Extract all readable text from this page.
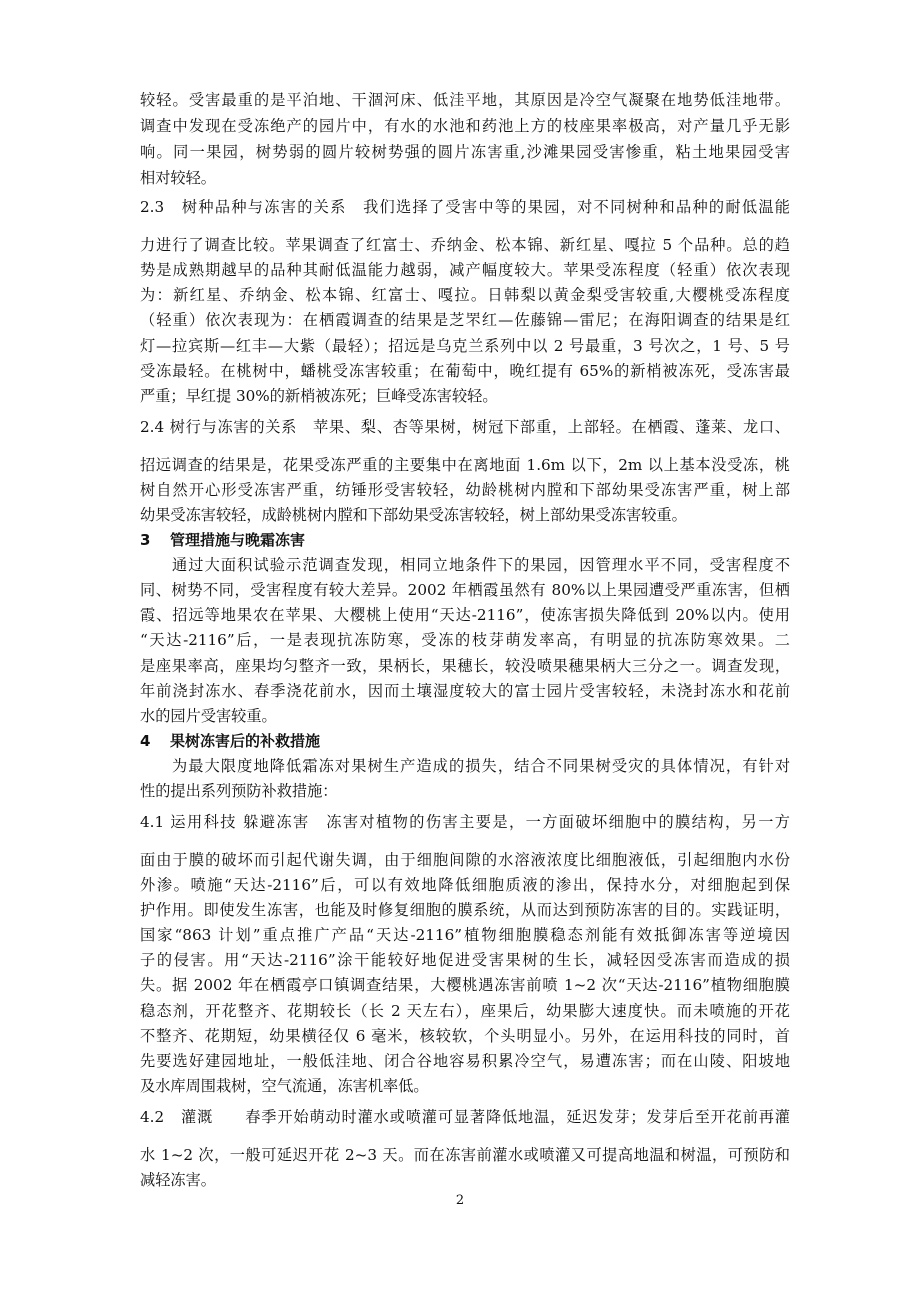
较轻。受害最重的是平泊地、干涸河床、低洼平地，其原因是冷空气凝聚在地势低洼地带。
调查中发现在受冻绝产的园片中，有水的水池和药池上方的枝座果率极高，对产量几乎无影
响。同一果园，树势弱的圆片较树势强的圆片冻害重,沙滩果园受害惨重，粘土地果园受害
相对较轻。
2.3　树种品种与冻害的关系　我们选择了受害中等的果园，对不同树种和品种的耐低温能
力进行了调查比较。苹果调查了红富士、乔纳金、松本锦、新红星、嘎拉 5 个品种。总的趋
势是成熟期越早的品种其耐低温能力越弱，减产幅度较大。苹果受冻程度（轻重）依次表现
为：新红星、乔纳金、松本锦、红富士、嘎拉。日韩梨以黄金梨受害较重,大樱桃受冻程度
（轻重）依次表现为：在栖霞调查的结果是芝罘红—佐藤锦—雷尼；在海阳调查的结果是红
灯—拉宾斯—红丰—大紫（最轻）；招远是乌克兰系列中以 2 号最重，3 号次之，1 号、5 号
受冻最轻。在桃树中，蟠桃受冻害较重；在葡萄中，晚红提有 65%的新梢被冻死，受冻害最
严重；早红提 30%的新梢被冻死；巨峰受冻害较轻。
2.4 树行与冻害的关系　苹果、梨、杏等果树，树冠下部重，上部轻。在栖霞、蓬莱、龙口、
招远调查的结果是，花果受冻严重的主要集中在离地面 1.6m 以下，2m 以上基本没受冻，桃
树自然开心形受冻害严重，纺锤形受害较轻，幼龄桃树内膛和下部幼果受冻害严重，树上部
幼果受冻害较轻，成龄桃树内膛和下部幼果受冻害较轻，树上部幼果受冻害较重。
通过大面积试验示范调查发现，相同立地条件下的果园，因管理水平不同，受害程度不
同、树势不同，受害程度有较大差异。2002 年栖霞虽然有 80%以上果园遭受严重冻害，但栖
霞、招远等地果农在苹果、大樱桃上使用“天达-2116”，使冻害损失降低到 20%以内。使用
“天达-2116”后，一是表现抗冻防寒，受冻的枝芽萌发率高，有明显的抗冻防寒效果。二
是座果率高，座果均匀整齐一致，果柄长，果穗长，较没喷果穗果柄大三分之一。调查发现，
年前浇封冻水、春季浇花前水，因而土壤湿度较大的富士园片受害较轻，未浇封冻水和花前
水的园片受害较重。
为最大限度地降低霜冻对果树生产造成的损失，结合不同果树受灾的具体情况，有针对
性的提出系列预防补救措施：
4.1 运用科技 躲避冻害　冻害对植物的伤害主要是，一方面破坏细胞中的膜结构，另一方
面由于膜的破坏而引起代谢失调，由于细胞间隙的水溶液浓度比细胞液低，引起细胞内水份
外渗。喷施“天达-2116”后，可以有效地降低细胞质液的渗出，保持水分，对细胞起到保
护作用。即使发生冻害，也能及时修复细胞的膜系统，从而达到预防冻害的目的。实践证明，
国家“863 计划”重点推广产品“天达-2116”植物细胞膜稳态剂能有效抵御冻害等逆境因
子的侵害。用“天达-2116”涂干能较好地促进受害果树的生长，减轻因受冻害而造成的损
失。据 2002 年在栖霞亭口镇调查结果，大樱桃遇冻害前喷 1~2 次“天达-2116”植物细胞膜
稳态剂，开花整齐、花期较长（长 2 天左右），座果后，幼果膨大速度快。而未喷施的开花
不整齐、花期短，幼果横径仅 6 毫米，核较软，个头明显小。另外，在运用科技的同时，首
先要选好建园地址，一般低洼地、闭合谷地容易积累冷空气，易遭冻害；而在山陵、阳坡地
及水库周围栽树，空气流通，冻害机率低。
4.2　灌溉　　春季开始萌动时灌水或喷灌可显著降低地温，延迟发芽；发芽后至开花前再灌
水 1~2 次，一般可延迟开花 2~3 天。而在冻害前灌水或喷灌又可提高地温和树温，可预防和
减轻冻害。
3 管理措施与晚霜冻害
4 果树冻害后的补救措施
2
